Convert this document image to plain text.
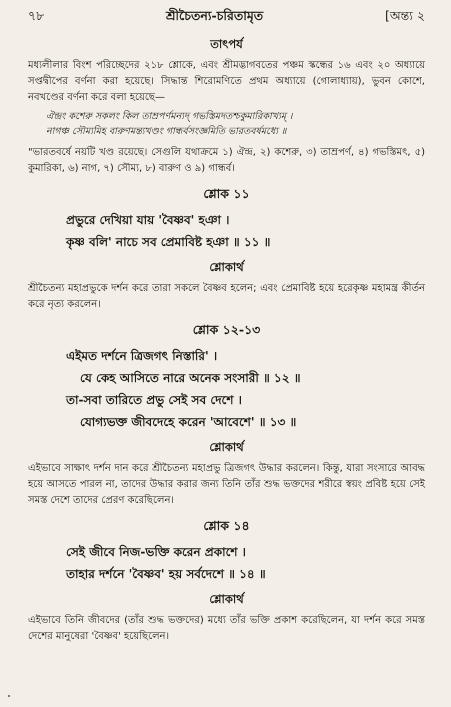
৭৮	শ্রীচৈতন্য-চরিতামৃত	[অন্ত্য ২
তাৎপর্য

মধ্যলীলার বিংশ পরিচ্ছেদের ২১৮ শ্লোকে, এবং শ্রীমদ্ভাগবতের পঞ্চম স্কন্ধের ১৬ এবং ২০ অধ্যায়ে সপ্তদ্বীপের বর্ণনা করা হয়েছে। সিদ্ধান্ত শিরোমণিতে প্রথম অধ্যায়ে (গোলাধ্যায়), ভুবন কোশে, নবখণ্ডের বর্ণনা করে বলা হয়েছে—

ঐন্দ্রং কশেরু সকলং কিল তাম্রপর্ণমন্যদ্ গভস্তিমদতশ্চকুমারিকাখ্যম্ ।
নাগঞ্চ সৌম্যমিহ বারুণমন্ত্যখণ্ডং গান্ধর্বসংজ্ঞমিতি ভারতবর্ষমধ্যে ॥

"ভারতবর্ষে নয়টি খণ্ড রয়েছে। সেগুলি যথাক্রমে ১) ঐন্দ্র, ২) কশেরু, ৩) তাম্রপর্ণ, ৪) গভস্তিমৎ, ৫) কুমারিকা, ৬) নাগ, ৭) সৌম্য, ৮) বারুণ ও ৯) গান্ধর্ব।

শ্লোক ১১
প্রভুরে দেখিয়া যায় 'বৈষ্ণব' হঞা ।
কৃষ্ণ বলি' নাচে সব প্রেমাবিষ্ট হঞা ॥ ১১ ॥
শ্লোকার্থ

শ্রীচৈতন্য মহাপ্রভুকে দর্শন করে তারা সকলে বৈষ্ণব হলেন; এবং প্রেমাবিষ্ট হয়ে হরেকৃষ্ণ মহামন্ত্র কীর্তন করে নৃত্য করলেন।

শ্লোক ১২-১৩
এইমত দর্শনে ত্রিজগৎ নিস্তারি' ।
যে কেহ আসিতে নারে অনেক সংসারী ॥ ১২ ॥
তা-সবা তারিতে প্রভু সেই সব দেশে ।
যোগ্যভক্ত জীবদেহে করেন 'আবেশে' ॥ ১৩ ॥
শ্লোকার্থ

এইভাবে সাক্ষাৎ দর্শন দান করে শ্রীচৈতন্য মহাপ্রভু ত্রিজগৎ উদ্ধার করলেন। কিন্তু, যারা সংসারে আবদ্ধ হয়ে আসতে পারল না, তাদের উদ্ধার করার জন্য তিনি তাঁর শুদ্ধ ভক্তদের শরীরে স্বয়ং প্রবিষ্ট হয়ে সেই সমস্ত দেশে তাদের প্রেরণ করেছিলেন।

শ্লোক ১৪
সেই জীবে নিজ-ভক্তি করেন প্রকাশে ।
তাহার দর্শনে 'বৈষ্ণব' হয় সর্বদেশে ॥ ১৪ ॥
শ্লোকার্থ

এইভাবে তিনি জীবদের (তাঁর শুদ্ধ ভক্তদের) মধ্যে তাঁর ভক্তি প্রকাশ করেছিলেন, যা দর্শন করে সমস্ত দেশের মানুষেরা 'বৈষ্ণব' হয়েছিলেন।
